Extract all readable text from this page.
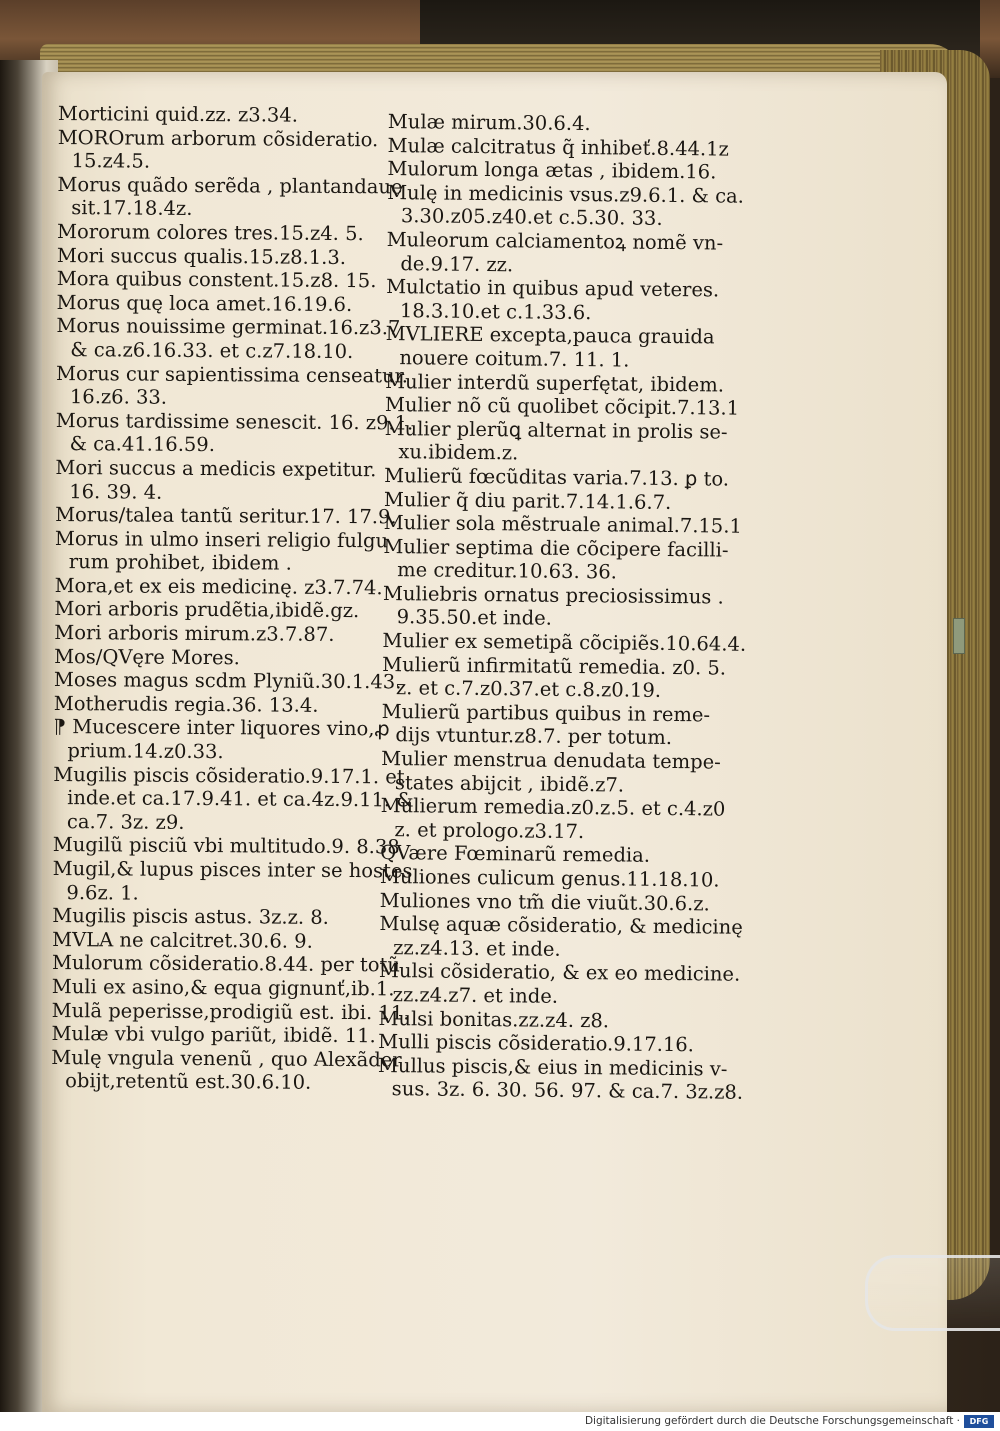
Morticini quid.zz. z3.34.
MOROrum arborum cõsideratio.
15.z4.5.
Morus quãdo serẽda , plantandaue
sit.17.18.4z.
Mororum colores tres.15.z4. 5.
Mori succus qualis.15.z8.1.3.
Mora quibus constent.15.z8. 15.
Morus quę loca amet.16.19.6.
Morus nouissime germinat.16.z3.7
& ca.z6.16.33. et c.z7.18.10.
Morus cur sapientissima censeatur.
16.z6. 33.
Morus tardissime senescit. 16. z9.1.
& ca.41.16.59.
Mori succus a medicis expetitur.
16. 39. 4.
Morus/talea tantũ seritur.17. 17.9.
Morus in ulmo inseri religio fulgu
rum prohibet, ibidem .
Mora,et ex eis medicinę. z3.7.74.
Mori arboris prudẽtia,ibidẽ.gz.
Mori arboris mirum.z3.7.87.
Mos/QVęre Mores.
Moses magus scdm Plyniũ.30.1.43.
Motherudis regia.36. 13.4.
⁋ Mucescere inter liquores vino,ꝓ
prium.14.z0.33.
Mugilis piscis cõsideratio.9.17.1. et
inde.et ca.17.9.41. et ca.4z.9.11. &
ca.7. 3z. z9.
Mugilũ pisciũ vbi multitudo.9. 8.38
Mugil,& lupus pisces inter se hostes
9.6z. 1.
Mugilis piscis astus. 3z.z. 8.
MVLA ne calcitret.30.6. 9.
Mulorum cõsideratio.8.44. per totũ
Muli ex asino,& equa gignunť,ib.1.
Mulã peperisse,prodigiũ est. ibi. 11.
Mulæ vbi vulgo pariũt, ibidẽ. 11.
Mulę vngula venenũ , quo Alexãder
obijt,retentũ est.30.6.10.
Mulæ mirum.30.6.4.
Mulæ calcitratus q̃ inhibeť.8.44.1z
Mulorum longa ætas , ibidem.16.
Mulę in medicinis vsus.z9.6.1. & ca.
3.30.z05.z40.et c.5.30. 33.
Muleorum calciamentoꝝ nomẽ vn-
de.9.17. zz.
Mulctatio in quibus apud veteres.
18.3.10.et c.1.33.6.
MVLIERE excepta,pauca grauida
nouere coitum.7. 11. 1.
Mulier interdũ superfętat, ibidem.
Mulier nõ cũ quolibet cõcipit.7.13.1
Mulier plerũꝗ alternat in prolis se-
xu.ibidem.z.
Mulierũ fœcũditas varia.7.13. ꝑ to.
Mulier q̃ diu parit.7.14.1.6.7.
Mulier sola mẽstruale animal.7.15.1
Mulier septima die cõcipere facilli-
me creditur.10.63. 36.
Muliebris ornatus preciosissimus .
9.35.50.et inde.
Mulier ex semetipã cõcipiẽs.10.64.4.
Mulierũ infirmitatũ remedia. z0. 5.
z. et c.7.z0.37.et c.8.z0.19.
Mulierũ partibus quibus in reme-
dijs vtuntur.z8.7. per totum.
Mulier menstrua denudata tempe-
states abijcit , ibidẽ.z7.
Mulierum remedia.z0.z.5. et c.4.z0
z. et prologo.z3.17.
QVære Fœminarũ remedia.
Muliones culicum genus.11.18.10.
Muliones vno tm̃ die viuũt.30.6.z.
Mulsę aquæ cõsideratio, & medicinę
zz.z4.13. et inde.
Mulsi cõsideratio, & ex eo medicine.
zz.z4.z7. et inde.
Mulsi bonitas.zz.z4. z8.
Mulli piscis cõsideratio.9.17.16.
Mullus piscis,& eius in medicinis v-
sus. 3z. 6. 30. 56. 97. & ca.7. 3z.z8.
Digitalisierung gefördert durch die Deutsche Forschungsgemeinschaft ·	DFG
